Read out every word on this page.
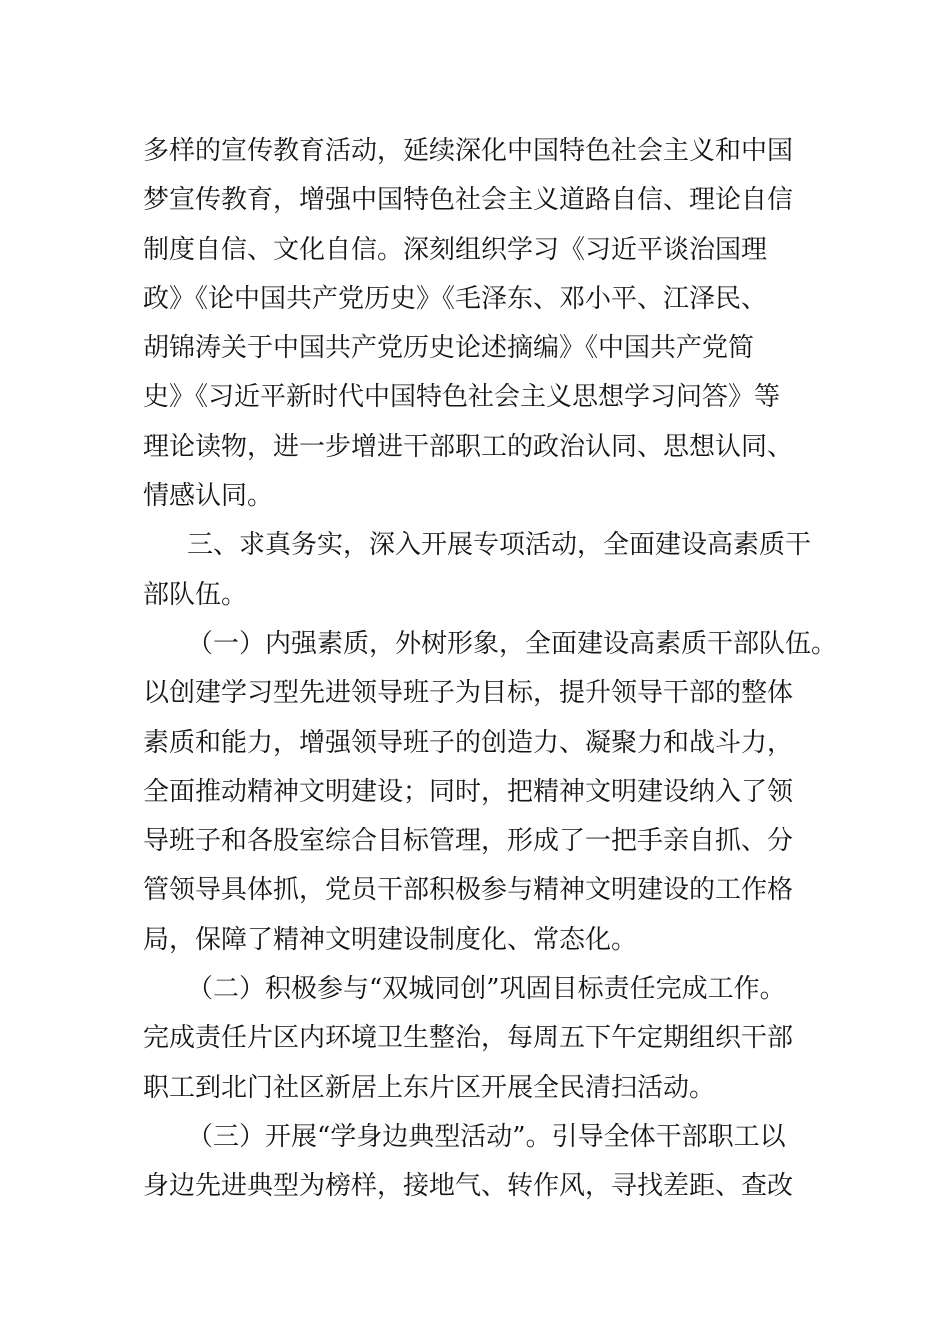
多样的宣传教育活动，延续深化中国特色社会主义和中国
梦宣传教育，增强中国特色社会主义道路自信、理论自信
制度自信、文化自信。深刻组织学习《习近平谈治国理
政》《论中国共产党历史》《毛泽东、邓小平、江泽民、
胡锦涛关于中国共产党历史论述摘编》《中国共产党简
史》《习近平新时代中国特色社会主义思想学习问答》等
理论读物，进一步增进干部职工的政治认同、思想认同、
情感认同。
三、求真务实，深入开展专项活动，全面建设高素质干
部队伍。
（一）内强素质，外树形象，全面建设高素质干部队伍。
以创建学习型先进领导班子为目标，提升领导干部的整体
素质和能力，增强领导班子的创造力、凝聚力和战斗力，
全面推动精神文明建设；同时，把精神文明建设纳入了领
导班子和各股室综合目标管理，形成了一把手亲自抓、分
管领导具体抓，党员干部积极参与精神文明建设的工作格
局，保障了精神文明建设制度化、常态化。
（二）积极参与“双城同创”巩固目标责任完成工作。
完成责任片区内环境卫生整治，每周五下午定期组织干部
职工到北门社区新居上东片区开展全民清扫活动。
（三）开展“学身边典型活动”。引导全体干部职工以
身边先进典型为榜样，接地气、转作风，寻找差距、查改
